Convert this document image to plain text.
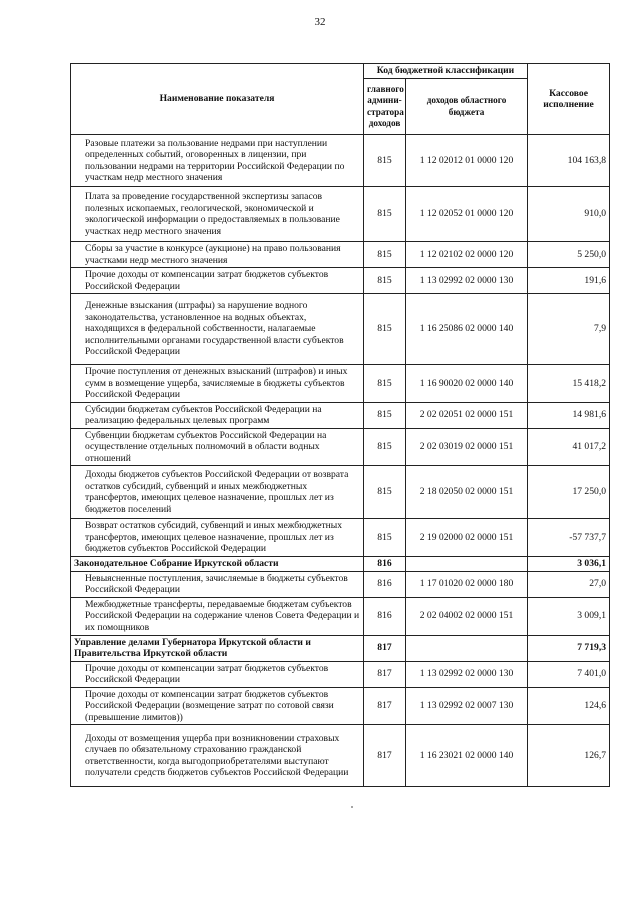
32
Наименование показателя	Код бюджетной классификации		Кассовое исполнение
	главного админи-стратора доходов	доходов областного бюджета	
Разовые платежи за пользование недрами при наступлении определенных событий, оговоренных в лицензии, при пользовании недрами на территории Российской Федерации по участкам недр местного значения	815	1 12 02012 01 0000 120	104 163,8
Плата за проведение государственной экспертизы запасов полезных ископаемых, геологической, экономической и экологической информации о предоставляемых в пользование участках недр местного значения	815	1 12 02052 01 0000 120	910,0
Сборы за участие в конкурсе (аукционе) на право пользования участками недр местного значения	815	1 12 02102 02 0000 120	5 250,0
Прочие доходы от компенсации затрат бюджетов субъектов Российской Федерации	815	1 13 02992 02 0000 130	191,6
Денежные взыскания (штрафы) за нарушение водного законодательства, установленное на водных объектах, находящихся в федеральной собственности, налагаемые исполнительными органами государственной власти субъектов Российской Федерации	815	1 16 25086 02 0000 140	7,9
Прочие поступления от денежных взысканий (штрафов) и иных сумм в возмещение ущерба, зачисляемые в бюджеты субъектов Российской Федерации	815	1 16 90020 02 0000 140	15 418,2
Субсидии бюджетам субъектов Российской Федерации на реализацию федеральных целевых программ	815	2 02 02051 02 0000 151	14 981,6
Субвенции бюджетам субъектов Российской Федерации на осуществление отдельных полномочий в области водных отношений	815	2 02 03019 02 0000 151	41 017,2
Доходы бюджетов субъектов Российской Федерации от возврата остатков субсидий, субвенций и иных межбюджетных трансфертов, имеющих целевое назначение, прошлых лет из бюджетов поселений	815	2 18 02050 02 0000 151	17 250,0
Возврат остатков субсидий, субвенций и иных межбюджетных трансфертов, имеющих целевое назначение, прошлых лет из бюджетов субъектов Российской Федерации	815	2 19 02000 02 0000 151	-57 737,7
Законодательное Собрание Иркутской области	816		3 036,1
Невыясненные поступления, зачисляемые в бюджеты субъектов Российской Федерации	816	1 17 01020 02 0000 180	27,0
Межбюджетные трансферты, передаваемые бюджетам субъектов Российской Федерации на содержание членов Совета Федерации и их помощников	816	2 02 04002 02 0000 151	3 009,1
Управление делами Губернатора Иркутской области и Правительства Иркутской области	817		7 719,3
Прочие доходы от компенсации затрат бюджетов субъектов Российской Федерации	817	1 13 02992 02 0000 130	7 401,0
Прочие доходы от компенсации затрат бюджетов субъектов Российской Федерации (возмещение затрат по сотовой связи (превышение лимитов))	817	1 13 02992 02 0007 130	124,6
Доходы от возмещения ущерба при возникновении страховых случаев по обязательному страхованию гражданской ответственности, когда выгодоприобретателями выступают получатели средств бюджетов субъектов Российской Федерации	817	1 16 23021 02 0000 140	126,7
